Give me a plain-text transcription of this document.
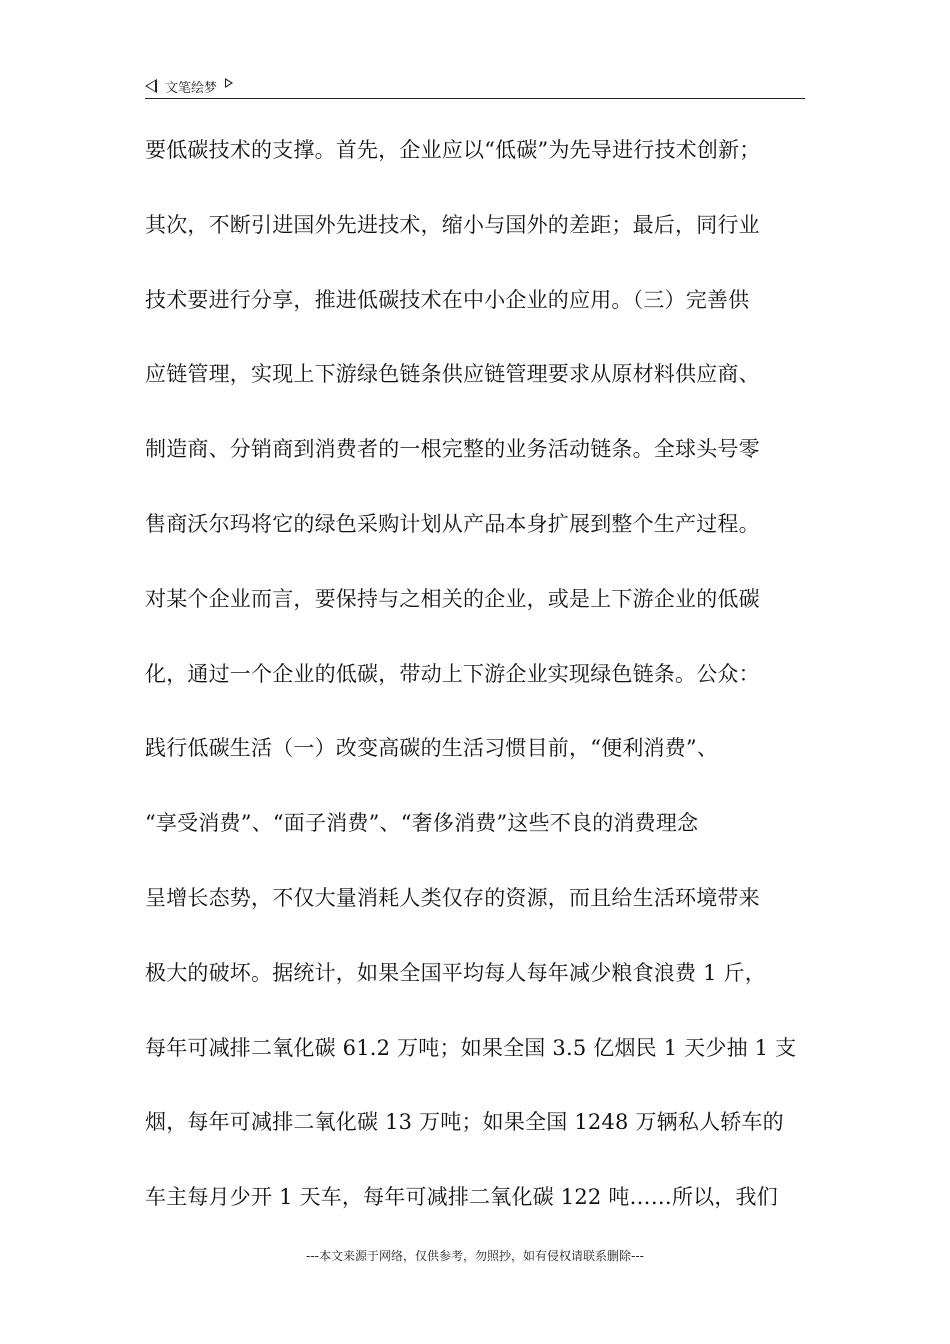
文笔绘梦
要低碳技术的支撑。首先，企业应以“低碳”为先导进行技术创新；
其次，不断引进国外先进技术，缩小与国外的差距；最后，同行业
技术要进行分享，推进低碳技术在中小企业的应用。（三）完善供
应链管理，实现上下游绿色链条供应链管理要求从原材料供应商、
制造商、分销商到消费者的一根完整的业务活动链条。全球头号零
售商沃尔玛将它的绿色采购计划从产品本身扩展到整个生产过程。
对某个企业而言，要保持与之相关的企业，或是上下游企业的低碳
化，通过一个企业的低碳，带动上下游企业实现绿色链条。公众：
践行低碳生活（一）改变高碳的生活习惯目前，“便利消费”、
“享受消费”、“面子消费”、“奢侈消费”这些不良的消费理念
呈增长态势，不仅大量消耗人类仅存的资源，而且给生活环境带来
极大的破坏。据统计，如果全国平均每人每年减少粮食浪费 1 斤，
每年可减排二氧化碳 61.2 万吨；如果全国 3.5 亿烟民 1 天少抽 1 支
烟，每年可减排二氧化碳 13 万吨；如果全国 1248 万辆私人轿车的
车主每月少开 1 天车，每年可减排二氧化碳 122 吨……所以，我们
---本文来源于网络，仅供参考，勿照抄，如有侵权请联系删除---
